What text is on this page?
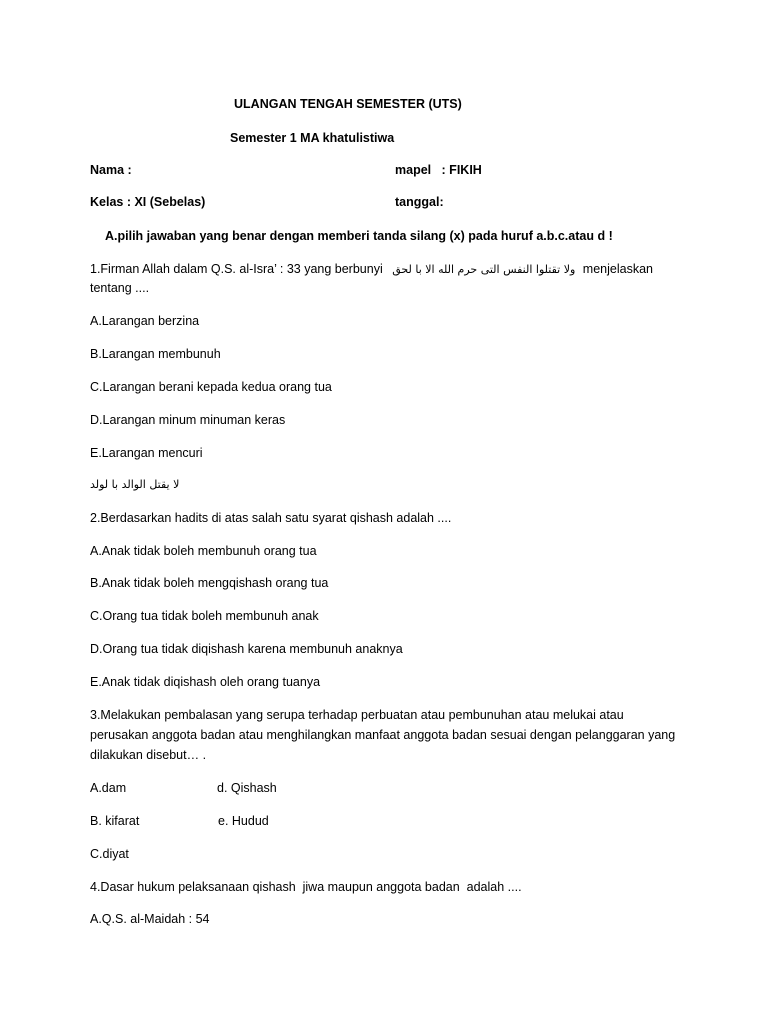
ULANGAN TENGAH SEMESTER (UTS)
Semester 1 MA khatulistiwa
Nama :	mapel   : FIKIH
Kelas : XI (Sebelas)	tanggal:
A.pilih jawaban yang benar dengan memberi tanda silang (x) pada huruf a.b.c.atau d !
1.Firman Allah dalam Q.S. al-Isra’ : 33 yang berbunyi ولا تقتلوا النفس التى حرم الله الا با لحق menjelaskan
tentang ....
A.Larangan berzina
B.Larangan membunuh
C.Larangan berani kepada kedua orang tua
D.Larangan minum minuman keras
E.Larangan mencuri
لا يقتل الوالد با لولد
2.Berdasarkan hadits di atas salah satu syarat qishash adalah ....
A.Anak tidak boleh membunuh orang tua
B.Anak tidak boleh mengqishash orang tua
C.Orang tua tidak boleh membunuh anak
D.Orang tua tidak diqishash karena membunuh anaknya
E.Anak tidak diqishash oleh orang tuanya
3.Melakukan pembalasan yang serupa terhadap perbuatan atau pembunuhan atau melukai atau
perusakan anggota badan atau menghilangkan manfaat anggota badan sesuai dengan pelanggaran yang
dilakukan disebut… .
A.dam	d. Qishash
B. kifarat	e. Hudud
C.diyat
4.Dasar hukum pelaksanaan qishash  jiwa maupun anggota badan  adalah ....
A.Q.S. al-Maidah : 54
